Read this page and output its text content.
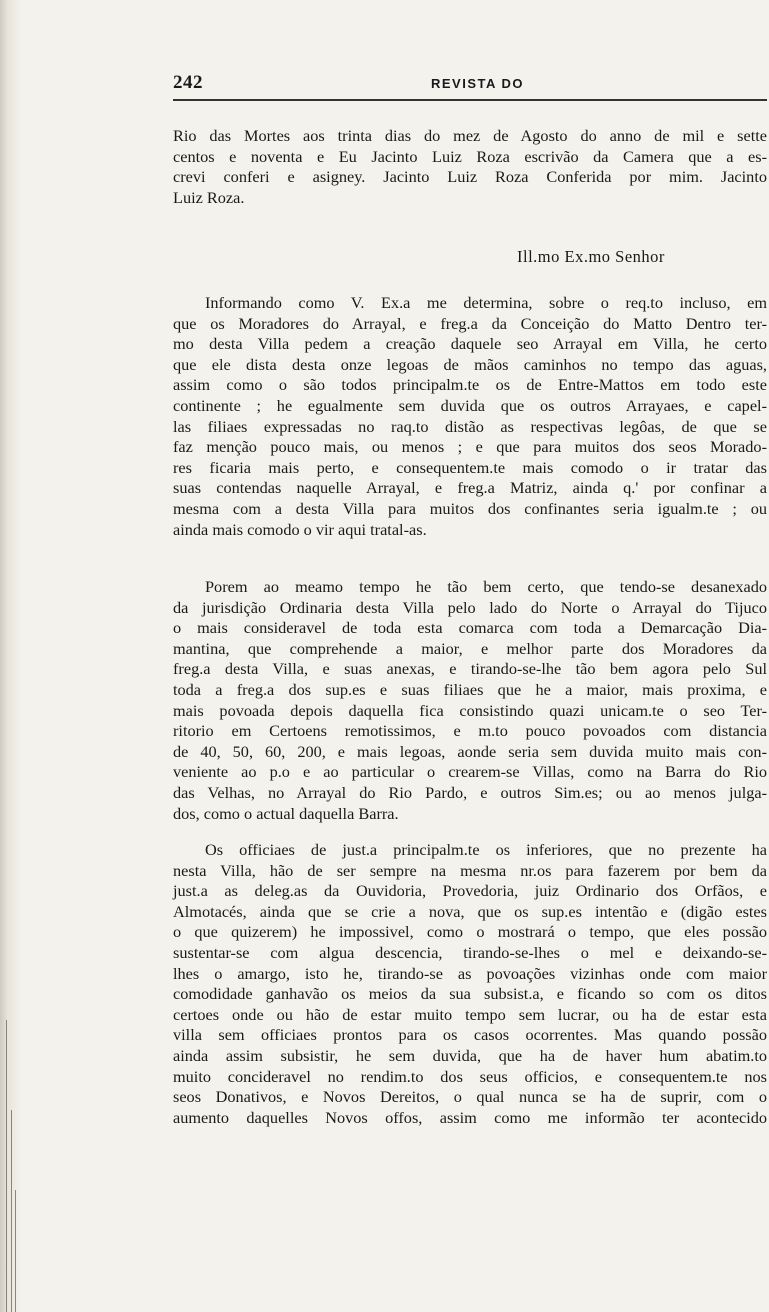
242	REVISTA DO
Rio das Mortes aos trinta dias do mez de Agosto do anno de mil e sette
centos e noventa e Eu Jacinto Luiz Roza escrivão da Camera que a es-
crevi conferi e asigney. Jacinto Luiz Roza Conferida por mim. Jacinto
Luiz Roza.
Ill.mo Ex.mo Senhor
Informando como V. Ex.a me determina, sobre o req.to incluso, em
que os Moradores do Arrayal, e freg.a da Conceição do Matto Dentro ter-
mo desta Villa pedem a creação daquele seo Arrayal em Villa, he certo
que ele dista desta onze legoas de mãos caminhos no tempo das aguas,
assim como o são todos principalm.te os de Entre-Mattos em todo este
continente ; he egualmente sem duvida que os outros Arrayaes, e capel-
las filiaes expressadas no raq.to distão as respectivas legôas, de que se
faz menção pouco mais, ou menos ; e que para muitos dos seos Morado-
res ficaria mais perto, e consequentem.te mais comodo o ir tratar das
suas contendas naquelle Arrayal, e freg.a Matriz, ainda q.' por confinar a
mesma com a desta Villa para muitos dos confinantes seria igualm.te ; ou
ainda mais comodo o vir aqui tratal-as.
Porem ao meamo tempo he tão bem certo, que tendo-se desanexado
da jurisdição Ordinaria desta Villa pelo lado do Norte o Arrayal do Tijuco
o mais consideravel de toda esta comarca com toda a Demarcação Dia-
mantina, que comprehende a maior, e melhor parte dos Moradores da
freg.a desta Villa, e suas anexas, e tirando-se-lhe tão bem agora pelo Sul
toda a freg.a dos sup.es e suas filiaes que he a maior, mais proxima, e
mais povoada depois daquella fica consistindo quazi unicam.te o seo Ter-
ritorio em Certoens remotissimos, e m.to pouco povoados com distancia
de 40, 50, 60, 200, e mais legoas, aonde seria sem duvida muito mais con-
veniente ao p.o e ao particular o crearem-se Villas, como na Barra do Rio
das Velhas, no Arrayal do Rio Pardo, e outros Sim.es; ou ao menos julga-
dos, como o actual daquella Barra.
Os officiaes de just.a principalm.te os inferiores, que no prezente ha
nesta Villa, hão de ser sempre na mesma nr.os para fazerem por bem da
just.a as deleg.as da Ouvidoria, Provedoria, juiz Ordinario dos Orfãos, e
Almotacés, ainda que se crie a nova, que os sup.es intentão e (digão estes
o que quizerem) he impossivel, como o mostrará o tempo, que eles possão
sustentar-se com algua descencia, tirando-se-lhes o mel e deixando-se-
lhes o amargo, isto he, tirando-se as povoações vizinhas onde com maior
comodidade ganhavão os meios da sua subsist.a, e ficando so com os ditos
certoes onde ou hão de estar muito tempo sem lucrar, ou ha de estar esta
villa sem officiaes prontos para os casos ocorrentes. Mas quando possão
ainda assim subsistir, he sem duvida, que ha de haver hum abatim.to
muito concideravel no rendim.to dos seus officios, e consequentem.te nos
seos Donativos, e Novos Dereitos, o qual nunca se ha de suprir, com o
aumento daquelles Novos offos, assim como me informão ter acontecido
